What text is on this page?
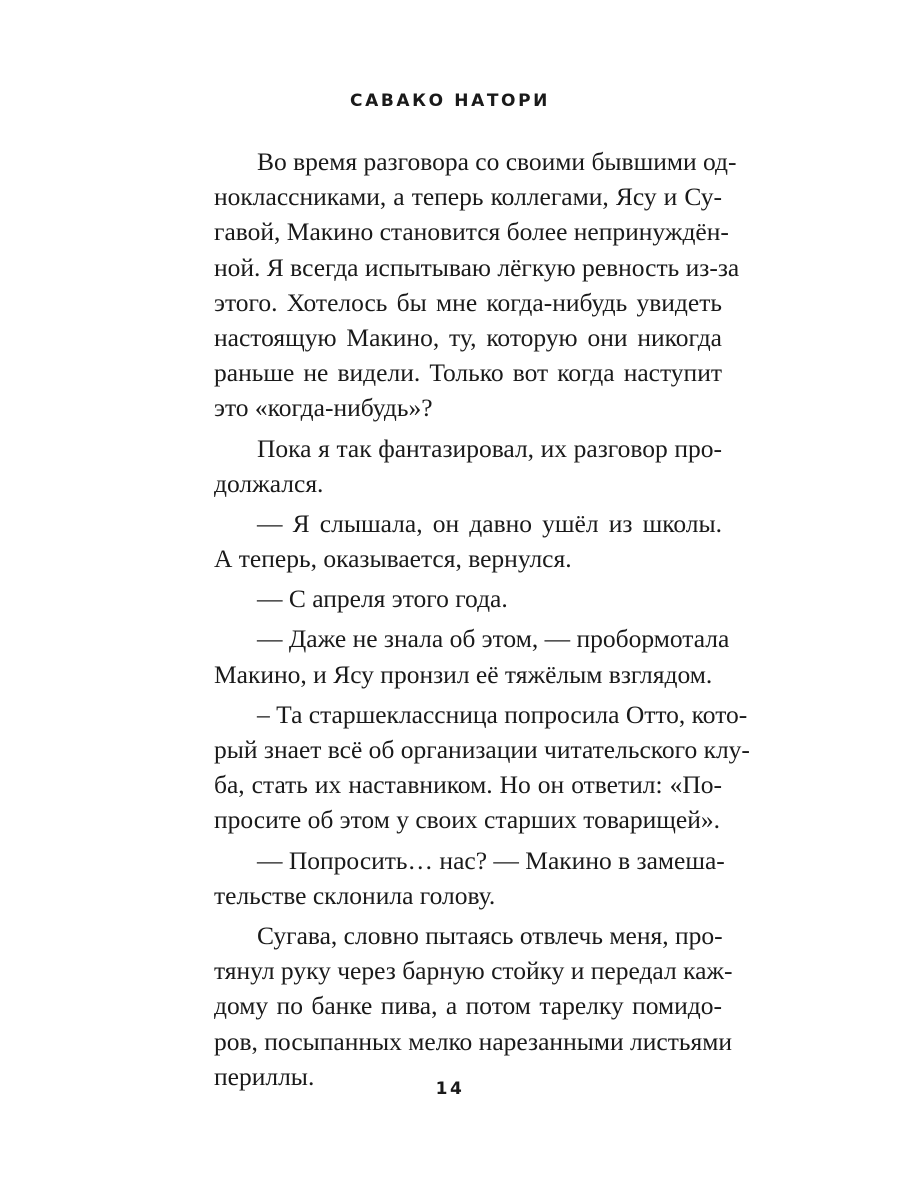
САВАКО НАТОРИ
Во время разговора со своими бывшими од-
ноклассниками, а теперь коллегами, Ясу и Су-
гавой, Макино становится более непринуждён-
ной. Я всегда испытываю лёгкую ревность из-за
этого. Хотелось бы мне когда-нибудь увидеть
настоящую Макино, ту, которую они никогда
раньше не видели. Только вот когда наступит
это «когда-нибудь»?
Пока я так фантазировал, их разговор про-
должался.
— Я слышала, он давно ушёл из школы.
А теперь, оказывается, вернулся.
— С апреля этого года.
— Даже не знала об этом, — пробормотала
Макино, и Ясу пронзил её тяжёлым взглядом.
– Та старшеклассница попросила Отто, кото-
рый знает всё об организации читательского клу-
ба, стать их наставником. Но он ответил: «По-
просите об этом у своих старших товарищей».
— Попросить… нас? — Макино в замеша-
тельстве склонила голову.
Сугава, словно пытаясь отвлечь меня, про-
тянул руку через барную стойку и передал каж-
дому по банке пива, а потом тарелку помидо-
ров, посыпанных мелко нарезанными листьями
периллы.	14
